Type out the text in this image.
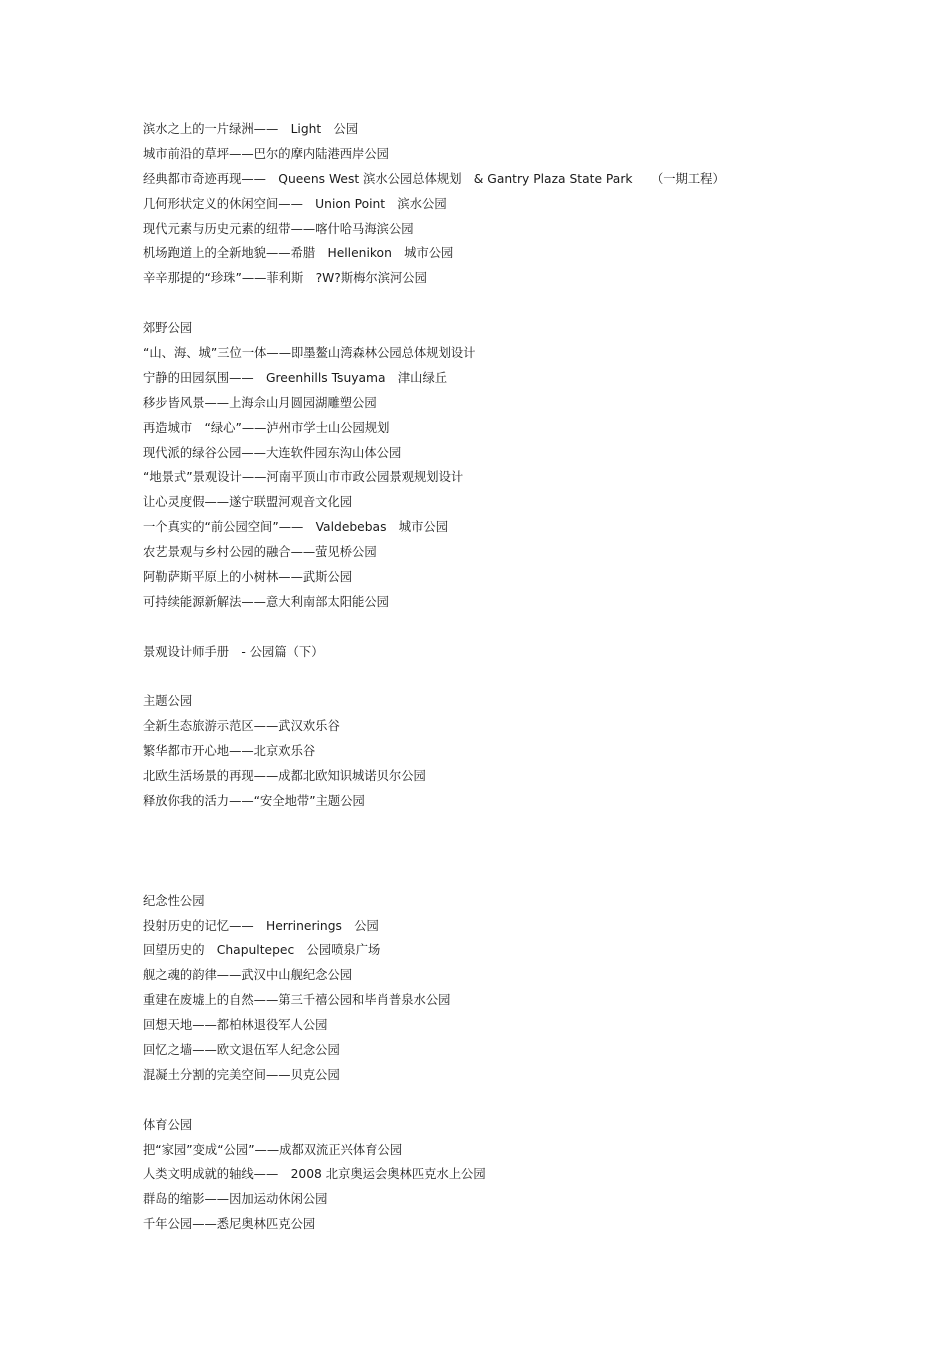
滨水之上的一片绿洲——　Light　公园
城市前沿的草坪——巴尔的摩内陆港西岸公园
经典都市奇迹再现——　Queens West 滨水公园总体规划　& Gantry Plaza State Park　　（一期工程）
几何形状定义的休闲空间——　Union Point　滨水公园
现代元素与历史元素的纽带——喀什哈马海滨公园
机场跑道上的全新地貌——希腊　Hellenikon　城市公园
辛辛那提的“珍珠”——菲利斯　?W?斯梅尔滨河公园
郊野公园
“山、海、城”三位一体——即墨鳌山湾森林公园总体规划设计
宁静的田园氛围——　Greenhills Tsuyama　津山绿丘
移步皆风景——上海佘山月圆园湖雕塑公园
再造城市　“绿心”——泸州市学士山公园规划
现代派的绿谷公园——大连软件园东沟山体公园
“地景式”景观设计——河南平顶山市市政公园景观规划设计
让心灵度假——遂宁联盟河观音文化园
一个真实的“前公园空间”——　Valdebebas　城市公园
农艺景观与乡村公园的融合——萤见桥公园
阿勒萨斯平原上的小树林——武斯公园
可持续能源新解法——意大利南部太阳能公园
景观设计师手册　- 公园篇（下）
主题公园
全新生态旅游示范区——武汉欢乐谷
繁华都市开心地——北京欢乐谷
北欧生活场景的再现——成都北欧知识城诺贝尔公园
释放你我的活力——“安全地带”主题公园
纪念性公园
投射历史的记忆——　Herrinerings　公园
回望历史的　Chapultepec　公园喷泉广场
舰之魂的韵律——武汉中山舰纪念公园
重建在废墟上的自然——第三千禧公园和毕肖普泉水公园
回想天地——都柏林退役军人公园
回忆之墙——欧文退伍军人纪念公园
混凝土分割的完美空间——贝克公园
体育公园
把“家园”变成“公园”——成都双流正兴体育公园
人类文明成就的轴线——　2008 北京奥运会奥林匹克水上公园
群岛的缩影——因加运动休闲公园
千年公园——悉尼奥林匹克公园
